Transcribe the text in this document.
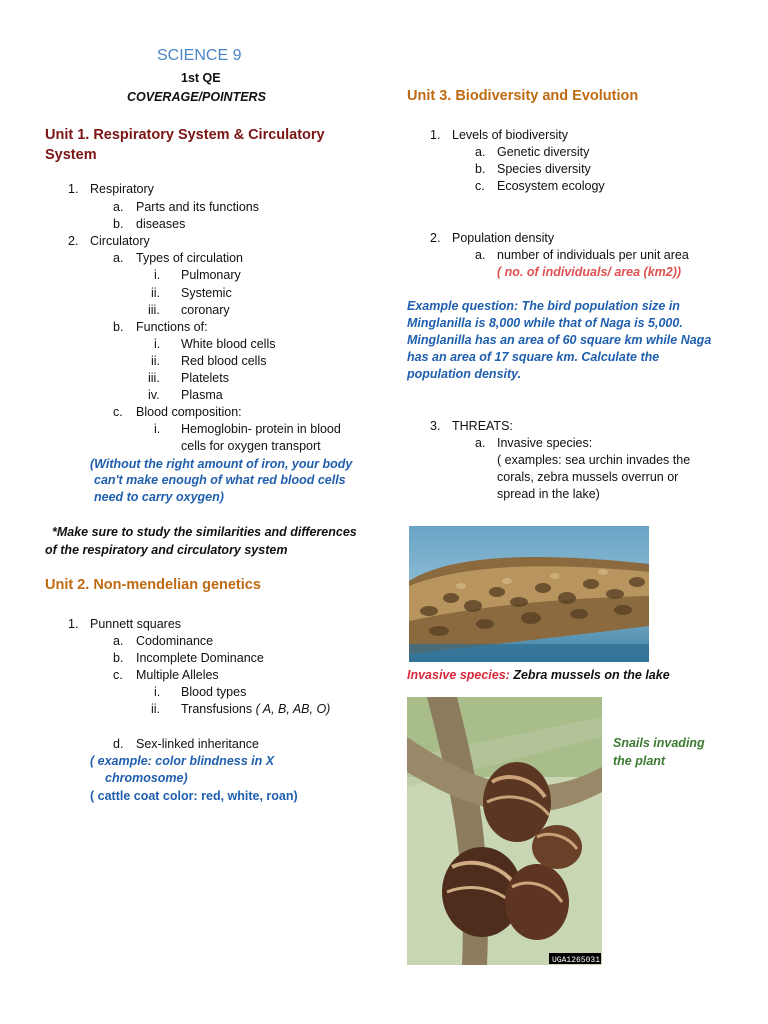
SCIENCE 9
1st QE
COVERAGE/POINTERS
Unit 1. Respiratory System & Circulatory
System
1. Respiratory
a. Parts and its functions
b. diseases
2. Circulatory
a. Types of circulation
i. Pulmonary
ii. Systemic
iii. coronary
b. Functions of:
i. White blood cells
ii. Red blood cells
iii. Platelets
iv. Plasma
c. Blood composition:
i. Hemoglobin- protein in blood
cells for oxygen transport
(Without the right amount of iron, your body
can't make enough of what red blood cells
need to carry oxygen)
*Make sure to study the similarities and differences
of the respiratory and circulatory system
Unit 2. Non-mendelian genetics
1. Punnett squares
a. Codominance
b. Incomplete Dominance
c. Multiple Alleles
i. Blood types
ii. Transfusions ( A, B, AB, O)
d. Sex-linked inheritance
( example: color blindness in X
chromosome)
( cattle coat color: red, white, roan)
Unit 3. Biodiversity and Evolution
1. Levels of biodiversity
a. Genetic diversity
b. Species diversity
c. Ecosystem ecology
2. Population density
a. number of individuals per unit area
( no. of individuals/ area (km2))
Example question: The bird population size in
Minglanilla is 8,000 while that of Naga is 5,000.
Minglanilla has an area of 60 square km while Naga
has an area of 17 square km. Calculate the
population density.
3. THREATS:
a. Invasive species:
( examples: sea urchin invades the
corals, zebra mussels overrun or
spread in the lake)
Invasive species: Zebra mussels on the lake
UGA1265031
Snails invading
the plant
